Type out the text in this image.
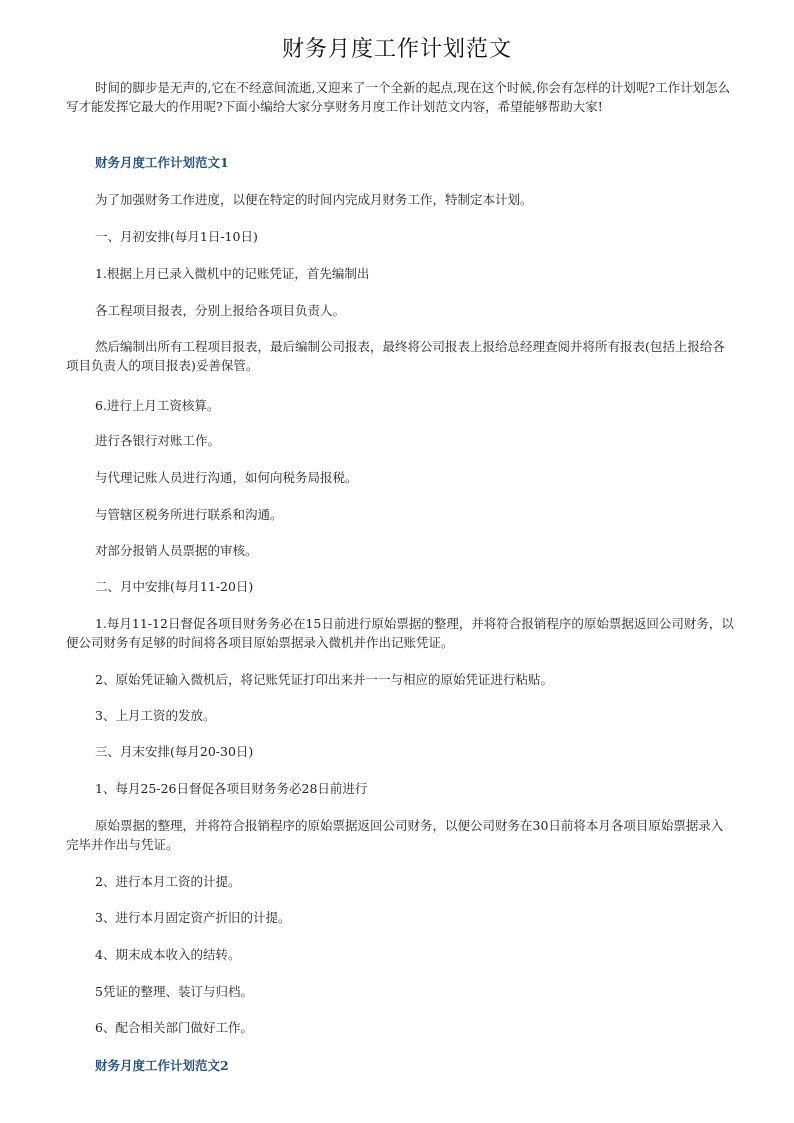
财务月度工作计划范文

时间的脚步是无声的,它在不经意间流逝,又迎来了一个全新的起点,现在这个时候,你会有怎样的计划呢?工作计划怎么写才能发挥它最大的作用呢?下面小编给大家分享财务月度工作计划范文内容，希望能够帮助大家!

财务月度工作计划范文1

为了加强财务工作进度，以便在特定的时间内完成月财务工作，特制定本计划。

一、月初安排(每月1日-10日)

1.根据上月已录入微机中的记账凭证，首先编制出

各工程项目报表，分别上报给各项目负责人。

然后编制出所有工程项目报表，最后编制公司报表，最终将公司报表上报给总经理查阅并将所有报表(包括上报给各项目负责人的项目报表)妥善保管。

6.进行上月工资核算。

进行各银行对账工作。

与代理记账人员进行沟通，如何向税务局报税。

与管辖区税务所进行联系和沟通。

对部分报销人员票据的审核。

二、月中安排(每月11-20日)

1.每月11-12日督促各项目财务务必在15日前进行原始票据的整理，并将符合报销程序的原始票据返回公司财务，以便公司财务有足够的时间将各项目原始票据录入微机并作出记账凭证。

2、原始凭证输入微机后，将记账凭证打印出来并一一与相应的原始凭证进行粘贴。

3、上月工资的发放。

三、月末安排(每月20-30日)

1、每月25-26日督促各项目财务务必28日前进行

原始票据的整理，并将符合报销程序的原始票据返回公司财务，以便公司财务在30日前将本月各项目原始票据录入完毕并作出与凭证。

2、进行本月工资的计提。

3、进行本月固定资产折旧的计提。

4、期末成本收入的结转。

5凭证的整理、装订与归档。

6、配合相关部门做好工作。

财务月度工作计划范文2
